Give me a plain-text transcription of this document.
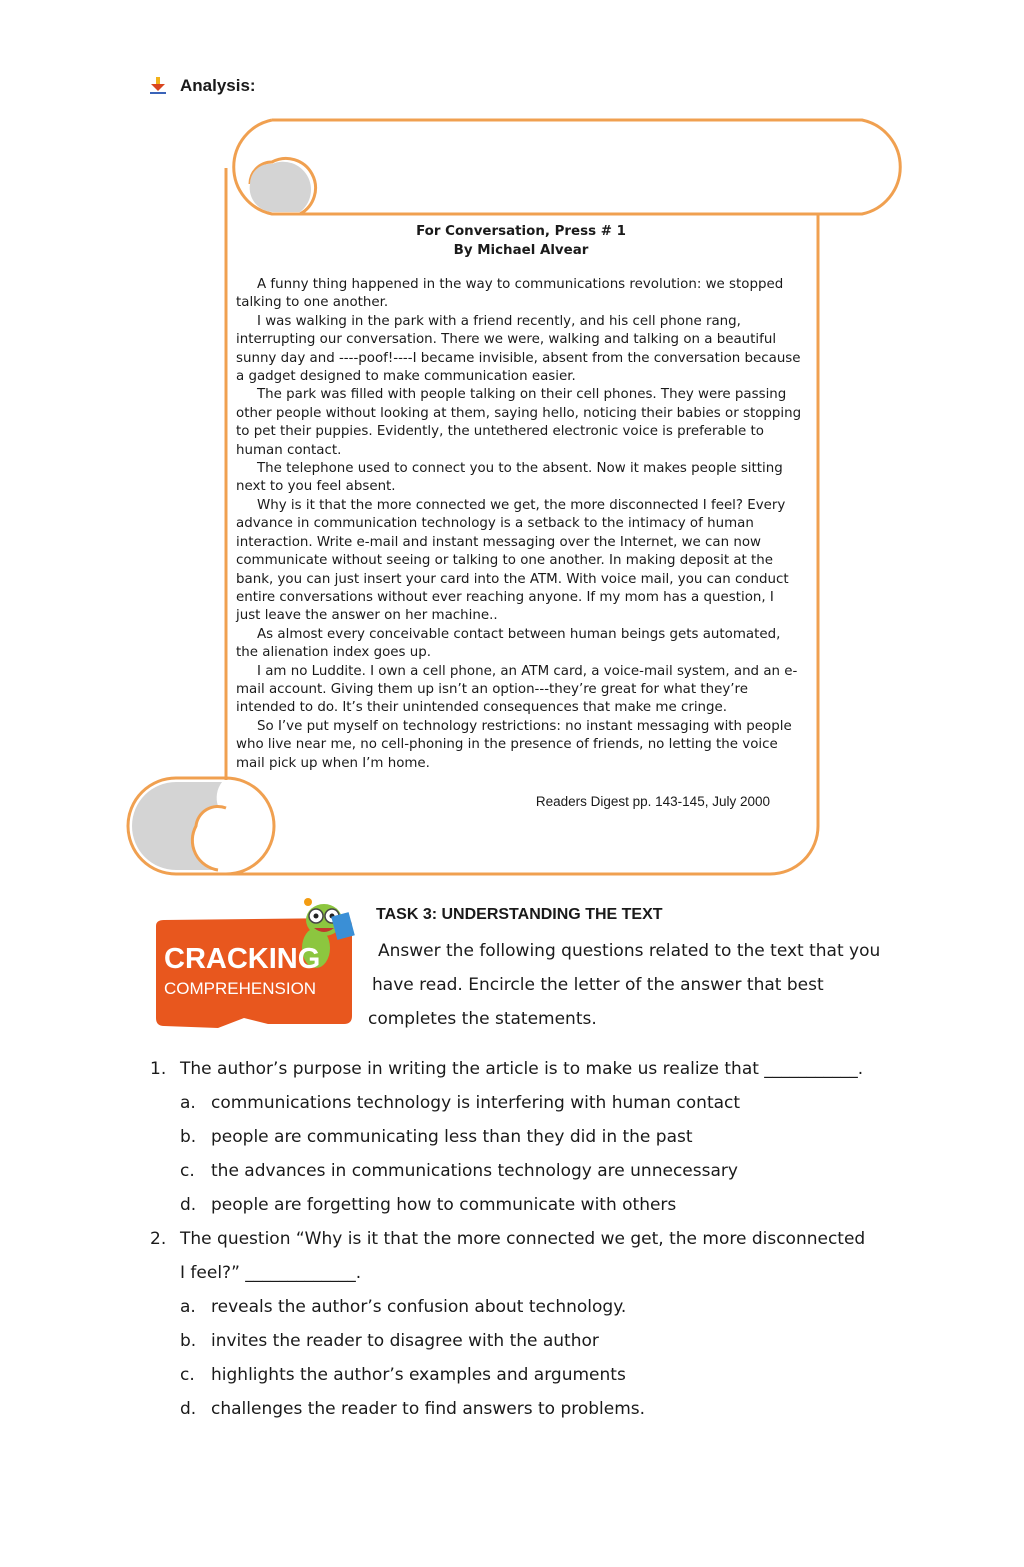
Analysis:
For Conversation, Press # 1
By Michael Alvear

A funny thing happened in the way to communications revolution: we stopped talking to one another.

I was walking in the park with a friend recently, and his cell phone rang, interrupting our conversation. There we were, walking and talking on a beautiful sunny day and ----poof!----I became invisible, absent from the conversation because a gadget designed to make communication easier.

The park was filled with people talking on their cell phones. They were passing other people without looking at them, saying hello, noticing their babies or stopping to pet their puppies. Evidently, the untethered electronic voice is preferable to human contact.

The telephone used to connect you to the absent. Now it makes people sitting next to you feel absent.

Why is it that the more connected we get, the more disconnected I feel? Every advance in communication technology is a setback to the intimacy of human interaction. Write e-mail and instant messaging over the Internet, we can now communicate without seeing or talking to one another. In making deposit at the bank, you can just insert your card into the ATM. With voice mail, you can conduct entire conversations without ever reaching anyone. If my mom has a question, I just leave the answer on her machine..

As almost every conceivable contact between human beings gets automated, the alienation index goes up.

I am no Luddite. I own a cell phone, an ATM card, a voice-mail system, and an e-mail account. Giving them up isn’t an option---they’re great for what they’re intended to do. It’s their unintended consequences that make me cringe.

So I’ve put myself on technology restrictions: no instant messaging with people who live near me, no cell-phoning in the presence of friends, no letting the voice mail pick up when I’m home.

Readers Digest pp. 143-145, July 2000
CRACKING
COMPREHENSION
TASK 3: UNDERSTANDING THE TEXT
Answer the following questions related to the text that you
have read. Encircle the letter of the answer that best
completes the statements.
1. The author’s purpose in writing the article is to make us realize that ___________.
a. communications technology is interfering with human contact
b. people are communicating less than they did in the past
c. the advances in communications technology are unnecessary
d. people are forgetting how to communicate with others
2. The question “Why is it that the more connected we get, the more disconnected
I feel?” _____________.
a. reveals the author’s confusion about technology.
b. invites the reader to disagree with the author
c. highlights the author’s examples and arguments
d. challenges the reader to find answers to problems.
